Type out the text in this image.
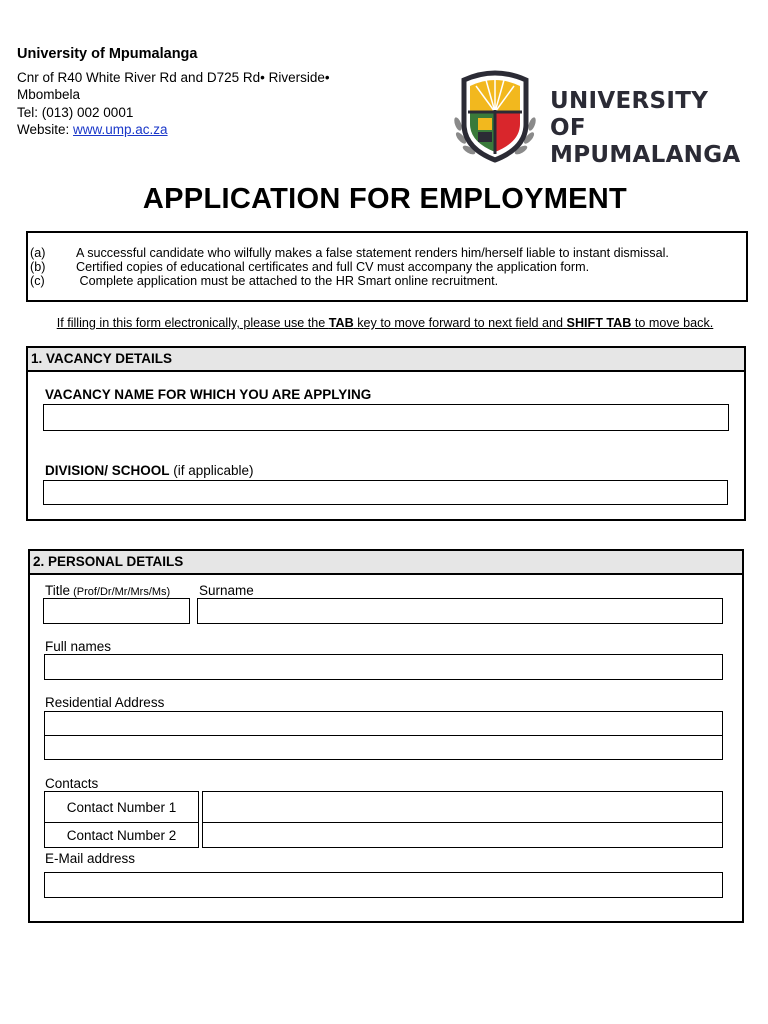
University of Mpumalanga
Cnr of R40 White River Rd and D725 Rd• Riverside•
Mbombela
Tel: (013) 002 0001
Website: www.ump.ac.za
UNIVERSITY OF
MPUMALANGA
APPLICATION FOR EMPLOYMENT
(a) A successful candidate who wilfully makes a false statement renders him/herself liable to instant dismissal.
(b) Certified copies of educational certificates and full CV must accompany the application form.
(c) Complete application must be attached to the HR Smart online recruitment.
If filling in this form electronically, please use the TAB key to move forward to next field and SHIFT TAB to move back.
1. VACANCY DETAILS
VACANCY NAME FOR WHICH YOU ARE APPLYING
DIVISION/ SCHOOL (if applicable)
2. PERSONAL DETAILS
Title (Prof/Dr/Mr/Mrs/Ms) Surname
Full names
Residential Address
Contacts
Contact Number 1
Contact Number 2
E-Mail address
